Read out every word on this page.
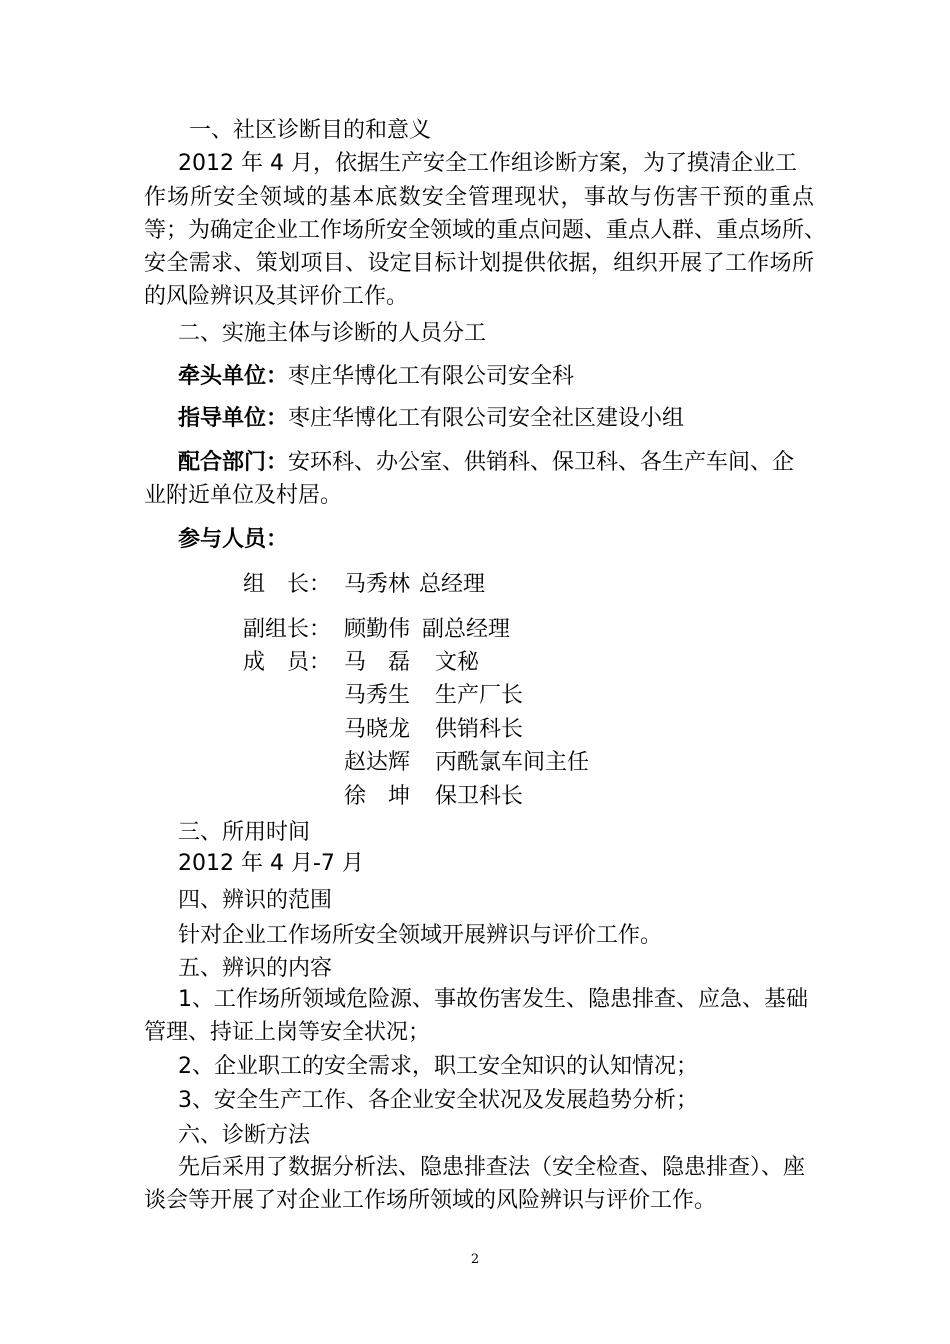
一、社区诊断目的和意义
2012 年 4 月，依据生产安全工作组诊断方案，为了摸清企业工
作场所安全领域的基本底数安全管理现状，事故与伤害干预的重点
等；为确定企业工作场所安全领域的重点问题、重点人群、重点场所、
安全需求、策划项目、设定目标计划提供依据，组织开展了工作场所
的风险辨识及其评价工作。
二、实施主体与诊断的人员分工
牵头单位：枣庄华博化工有限公司安全科
指导单位：枣庄华博化工有限公司安全社区建设小组
配合部门：安环科、办公室、供销科、保卫科、各生产车间、企
业附近单位及村居。
参与人员：
组　长： 马秀林 总经理
副组长： 顾勤伟 副总经理
成　员： 马　磊 文秘
马秀生 生产厂长
马晓龙 供销科长
赵达辉 丙酰氯车间主任
徐　坤 保卫科长
三、所用时间
2012 年 4 月-7 月
四、辨识的范围
针对企业工作场所安全领域开展辨识与评价工作。
五、辨识的内容
1、工作场所领域危险源、事故伤害发生、隐患排查、应急、基础
管理、持证上岗等安全状况；
2、企业职工的安全需求，职工安全知识的认知情况；
3、安全生产工作、各企业安全状况及发展趋势分析；
六、诊断方法
先后采用了数据分析法、隐患排查法（安全检查、隐患排查）、座
谈会等开展了对企业工作场所领域的风险辨识与评价工作。
2
